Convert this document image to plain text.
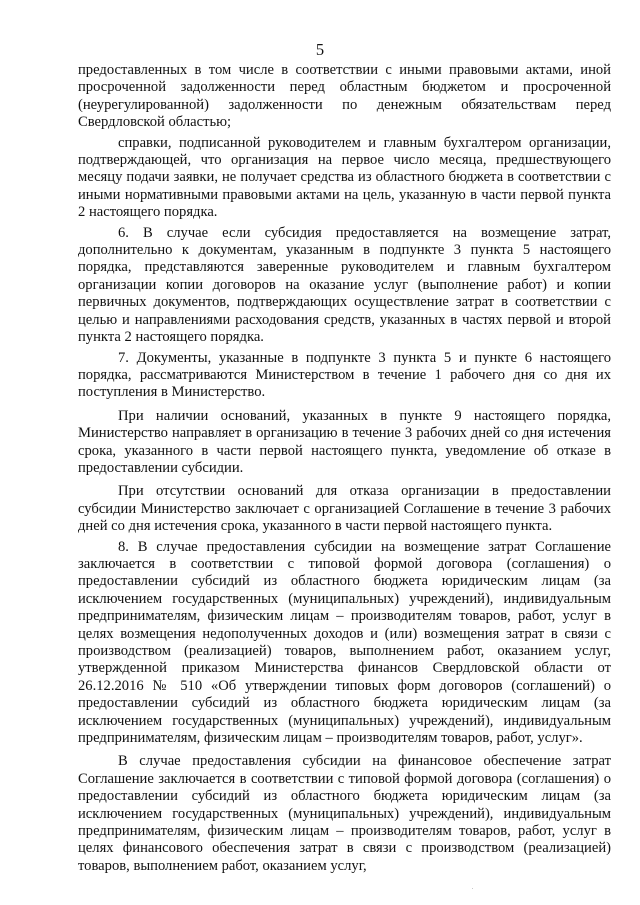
5

предоставленных в том числе в соответствии с иными правовыми актами, иной просроченной задолженности перед областным бюджетом и просроченной (неурегулированной) задолженности по денежным обязательствам перед Свердловской областью;

справки, подписанной руководителем и главным бухгалтером организации, подтверждающей, что организация на первое число месяца, предшествующего месяцу подачи заявки, не получает средства из областного бюджета в соответствии с иными нормативными правовыми актами на цель, указанную в части первой пункта 2 настоящего порядка.

6. В случае если субсидия предоставляется на возмещение затрат, дополнительно к документам, указанным в подпункте 3 пункта 5 настоящего порядка, представляются заверенные руководителем и главным бухгалтером организации копии договоров на оказание услуг (выполнение работ) и копии первичных документов, подтверждающих осуществление затрат в соответствии с целью и направлениями расходования средств, указанных в частях первой и второй пункта 2 настоящего порядка.

7. Документы, указанные в подпункте 3 пункта 5 и пункте 6 настоящего порядка, рассматриваются Министерством в течение 1 рабочего дня со дня их поступления в Министерство.

При наличии оснований, указанных в пункте 9 настоящего порядка, Министерство направляет в организацию в течение 3 рабочих дней со дня истечения срока, указанного в части первой настоящего пункта, уведомление об отказе в предоставлении субсидии.

При отсутствии оснований для отказа организации в предоставлении субсидии Министерство заключает с организацией Соглашение в течение 3 рабочих дней со дня истечения срока, указанного в части первой настоящего пункта.

8. В случае предоставления субсидии на возмещение затрат Соглашение заключается в соответствии с типовой формой договора (соглашения) о предоставлении субсидий из областного бюджета юридическим лицам (за исключением государственных (муниципальных) учреждений), индивидуальным предпринимателям, физическим лицам – производителям товаров, работ, услуг в целях возмещения недополученных доходов и (или) возмещения затрат в связи с производством (реализацией) товаров, выполнением работ, оказанием услуг, утвержденной приказом Министерства финансов Свердловской области от 26.12.2016 № 510 «Об утверждении типовых форм договоров (соглашений) о предоставлении субсидий из областного бюджета юридическим лицам (за исключением государственных (муниципальных) учреждений), индивидуальным предпринимателям, физическим лицам – производителям товаров, работ, услуг».

В случае предоставления субсидии на финансовое обеспечение затрат Соглашение заключается в соответствии с типовой формой договора (соглашения) о предоставлении субсидий из областного бюджета юридическим лицам (за исключением государственных (муниципальных) учреждений), индивидуальным предпринимателям, физическим лицам – производителям товаров, работ, услуг в целях финансового обеспечения затрат в связи с производством (реализацией) товаров, выполнением работ, оказанием услуг,
